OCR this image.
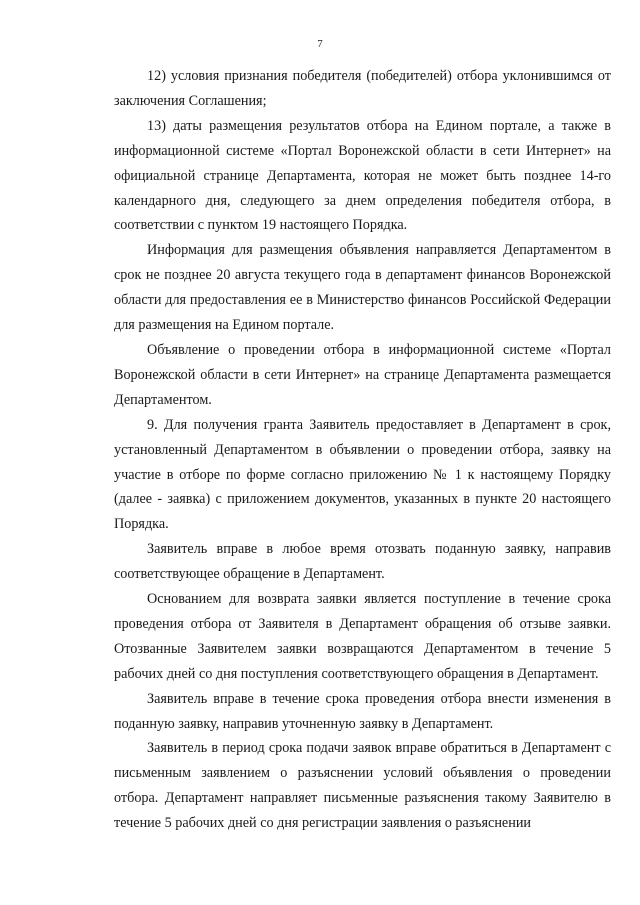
7

12) условия признания победителя (победителей) отбора уклонившимся от заключения Соглашения;

13) даты размещения результатов отбора на Едином портале, а также в информационной системе «Портал Воронежской области в сети Интернет» на официальной странице Департамента, которая не может быть позднее 14-го календарного дня, следующего за днем определения победителя отбора, в соответствии с пунктом 19 настоящего Порядка.

Информация для размещения объявления направляется Департаментом в срок не позднее 20 августа текущего года в департамент финансов Воронежской области для предоставления ее в Министерство финансов Российской Федерации для размещения на Едином портале.

Объявление о проведении отбора в информационной системе «Портал Воронежской области в сети Интернет» на странице Департамента размещается Департаментом.

9. Для получения гранта Заявитель предоставляет в Департамент в срок, установленный Департаментом в объявлении о проведении отбора, заявку на участие в отборе по форме согласно приложению № 1 к настоящему Порядку (далее - заявка) с приложением документов, указанных в пункте 20 настоящего Порядка.

Заявитель вправе в любое время отозвать поданную заявку, направив соответствующее обращение в Департамент.

Основанием для возврата заявки является поступление в течение срока проведения отбора от Заявителя в Департамент обращения об отзыве заявки. Отозванные Заявителем заявки возвращаются Департаментом в течение 5 рабочих дней со дня поступления соответствующего обращения в Департамент.

Заявитель вправе в течение срока проведения отбора внести изменения в поданную заявку, направив уточненную заявку в Департамент.

Заявитель в период срока подачи заявок вправе обратиться в Департамент с письменным заявлением о разъяснении условий объявления о проведении отбора. Департамент направляет письменные разъяснения такому Заявителю в течение 5 рабочих дней со дня регистрации заявления о разъяснении
